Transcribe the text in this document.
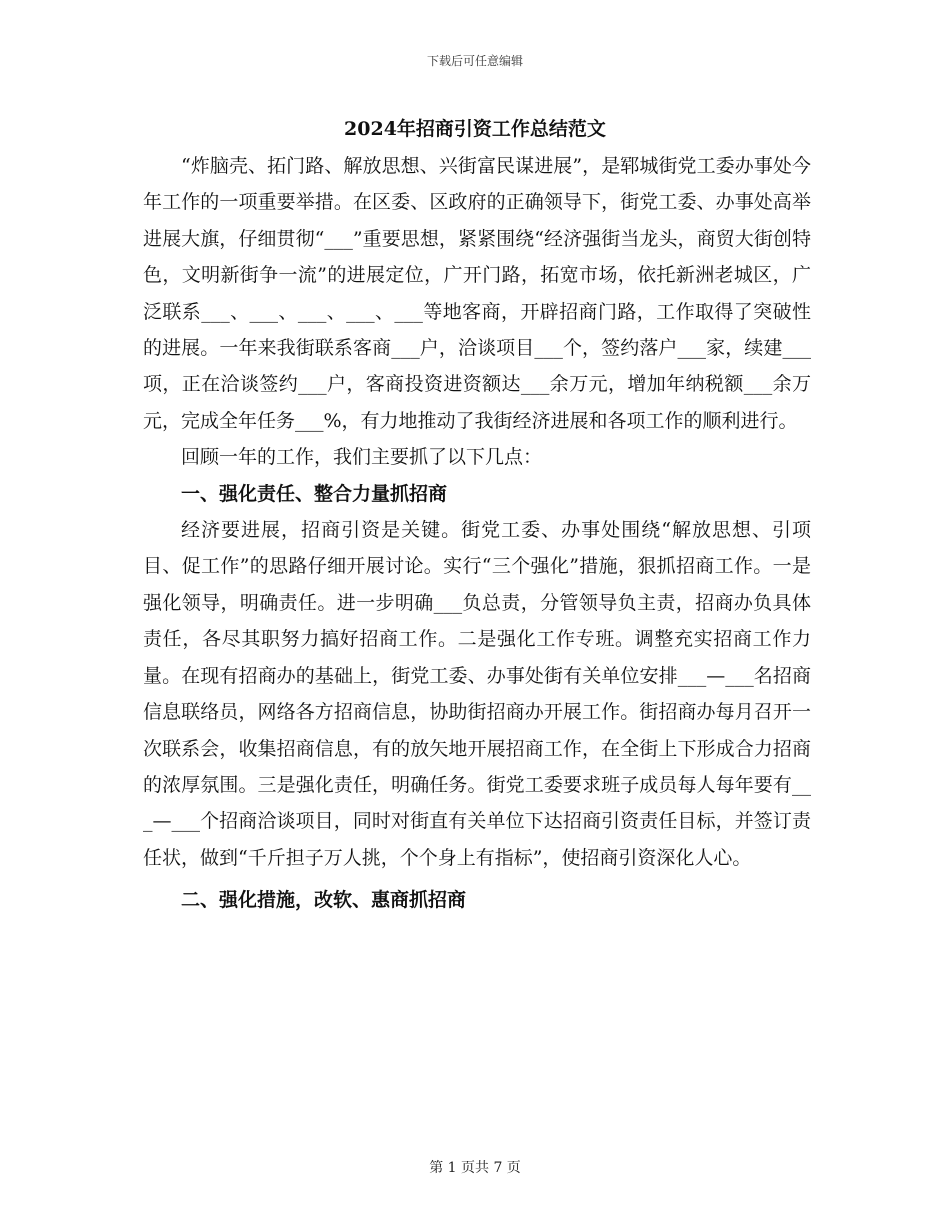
下载后可任意编辑
2024年招商引资工作总结范文

“炸脑壳、拓门路、解放思想、兴街富民谋进展”，是郓城街党工委办事处今年工作的一项重要举措。在区委、区政府的正确领导下，街党工委、办事处高举进展大旗，仔细贯彻“___”重要思想，紧紧围绕“经济强街当龙头，商贸大街创特色，文明新街争一流”的进展定位，广开门路，拓宽市场，依托新洲老城区，广泛联系___、___、___、___、___等地客商，开辟招商门路，工作取得了突破性的进展。一年来我街联系客商___户，洽谈项目___个，签约落户___家，续建___项，正在洽谈签约___户，客商投资进资额达___余万元，增加年纳税额___余万元，完成全年任务___%，有力地推动了我街经济进展和各项工作的顺利进行。

回顾一年的工作，我们主要抓了以下几点：

一、强化责任、整合力量抓招商

经济要进展，招商引资是关键。街党工委、办事处围绕“解放思想、引项目、促工作”的思路仔细开展讨论。实行“三个强化”措施，狠抓招商工作。一是强化领导，明确责任。进一步明确___负总责，分管领导负主责，招商办负具体责任，各尽其职努力搞好招商工作。二是强化工作专班。调整充实招商工作力量。在现有招商办的基础上，街党工委、办事处街有关单位安排___—___名招商信息联络员，网络各方招商信息，协助街招商办开展工作。街招商办每月召开一次联系会，收集招商信息，有的放矢地开展招商工作，在全街上下形成合力招商的浓厚氛围。三是强化责任，明确任务。街党工委要求班子成员每人每年要有___—___个招商洽谈项目，同时对街直有关单位下达招商引资责任目标，并签订责任状，做到“千斤担子万人挑，个个身上有指标”，使招商引资深化人心。

二、强化措施，改软、惠商抓招商

第 1 页共 7 页
